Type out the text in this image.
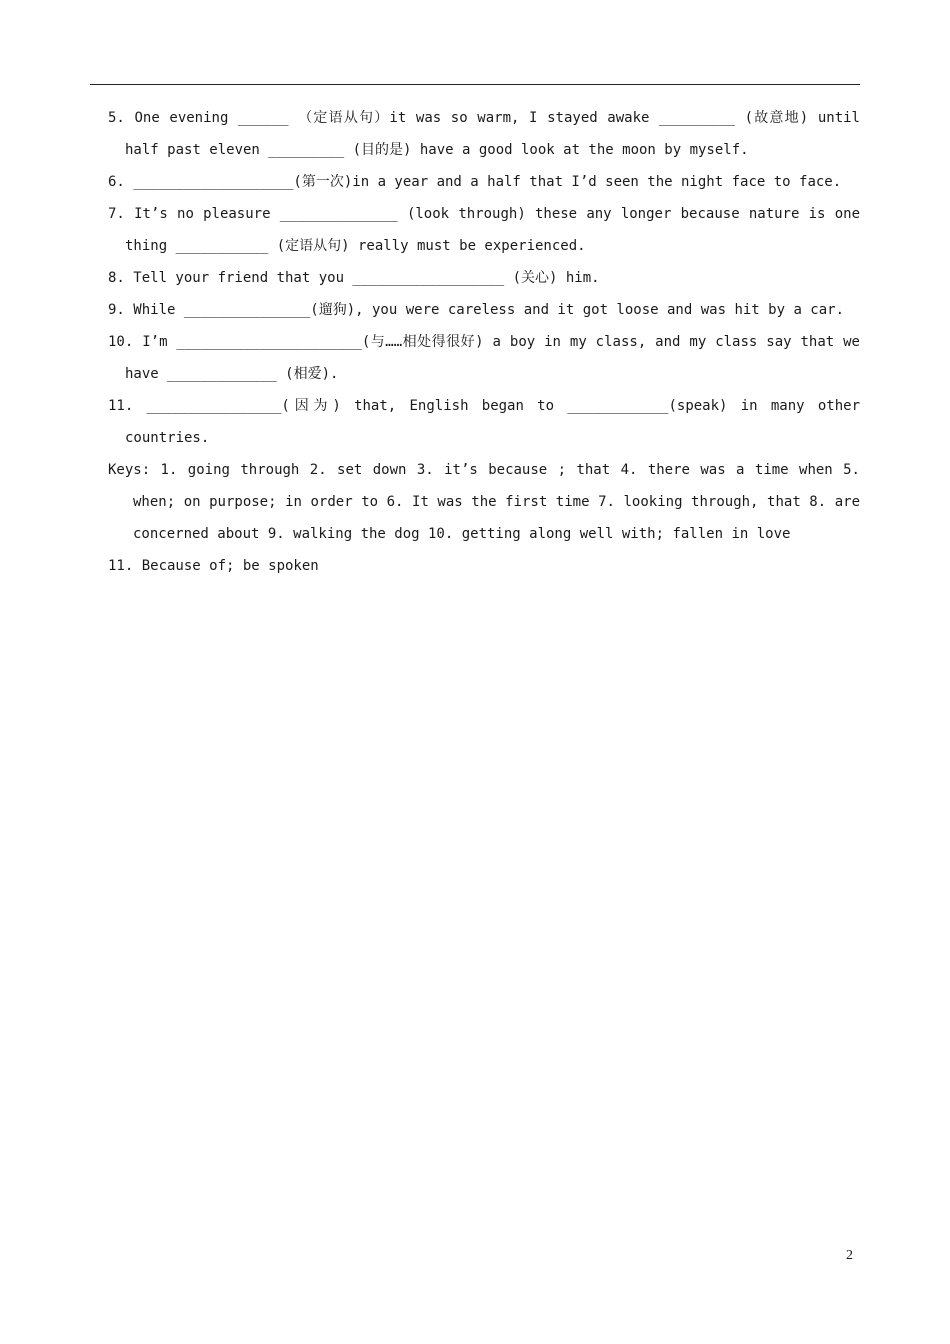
5. One evening ______ （定语从句）it was so warm, I stayed awake _________ (故意地) until half past eleven _________ (目的是) have a good look at the moon by myself.

6. ___________________(第一次)in a year and a half that I’d seen the night face to face.

7. It’s no pleasure ______________ (look through) these any longer because nature is one thing ___________ (定语从句) really must be experienced.

8. Tell your friend that you __________________ (关心) him.

9. While _______________(遛狗), you were careless and it got loose and was hit by a car.

10. I’m ______________________(与……相处得很好) a boy in my class, and my class say that we have _____________ (相爱).

11. ________________(因为) that, English began to ____________(speak) in many other countries.

Keys: 1. going through 2. set down 3. it’s because ; that 4. there was a time when 5. when; on purpose; in order to 6. It was the first time 7. looking through, that 8. are concerned about 9. walking the dog 10. getting along well with; fallen in love

11. Because of; be spoken

2
